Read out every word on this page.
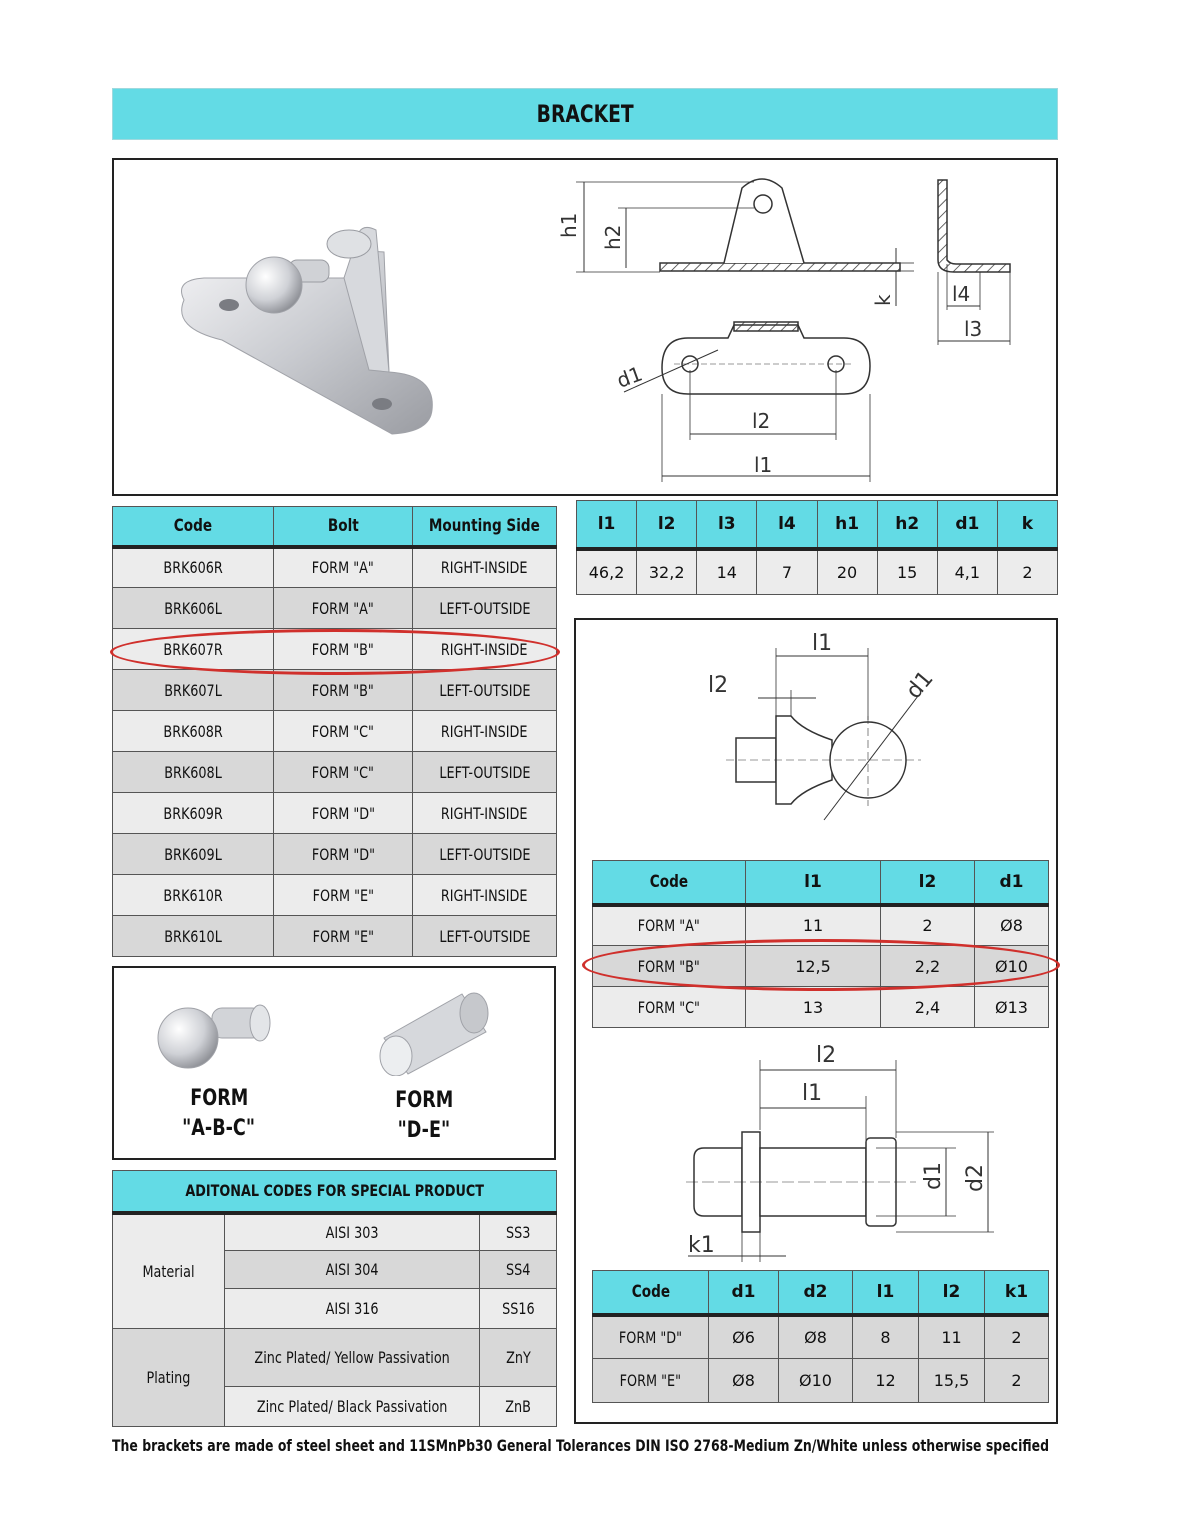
BRACKET
h1 h2
k	l4
l3
d1
l2
l1
Code	Bolt	Mounting Side
BRK606R	FORM "A"	RIGHT-INSIDE
BRK606L	FORM "A"	LEFT-OUTSIDE
BRK607R	FORM "B"	RIGHT-INSIDE
BRK607L	FORM "B"	LEFT-OUTSIDE
BRK608R	FORM "C"	RIGHT-INSIDE
BRK608L	FORM "C"	LEFT-OUTSIDE
BRK609R	FORM "D"	RIGHT-INSIDE
BRK609L	FORM "D"	LEFT-OUTSIDE
BRK610R	FORM "E"	RIGHT-INSIDE
BRK610L	FORM "E"	LEFT-OUTSIDE
l1	l2	l3	l4	h1	h2	d1	k
46,2	32,2	14	7	20	15	4,1	2
FORM
"A-B-C"
FORM
"D-E"
ADITONAL CODES FOR SPECIAL PRODUCT		
Material	AISI 303	SS3
	AISI 304	SS4
	AISI 316	SS16
Plating	Zinc Plated/ Yellow Passivation	ZnY
	Zinc Plated/ Black Passivation	ZnB
l1
l2	d1
l2
l1
d1 d2
k1
Code	l1	l2	d1
FORM "A"	11	2	Ø8
FORM "B"	12,5	2,2	Ø10
FORM "C"	13	2,4	Ø13
Code	d1	d2	l1	l2	k1
FORM "D"	Ø6	Ø8	8	11	2
FORM "E"	Ø8	Ø10	12	15,5	2
The brackets are made of steel sheet and 11SMnPb30 General Tolerances DIN ISO 2768-Medium Zn/White unless otherwise specified
